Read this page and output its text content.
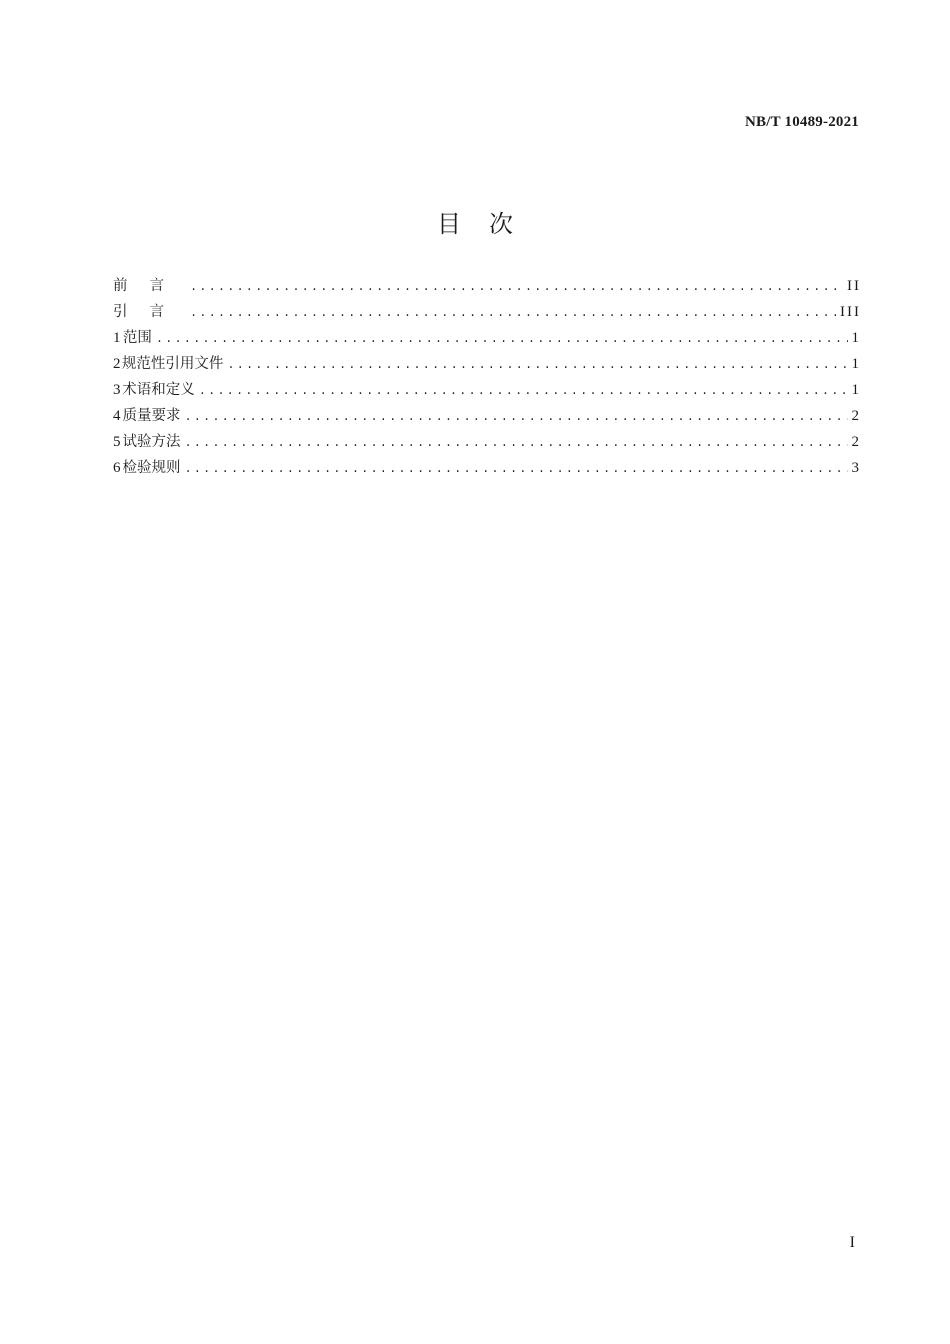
NB/T 10489-2021
目 次
前言 .....	II
引言 .....	III
1 范围 .....	1
2 规范性引用文件 .....	1
3 术语和定义 .....	1
4 质量要求 .....	2
5 试验方法 .....	2
6 检验规则 .....	3
I
